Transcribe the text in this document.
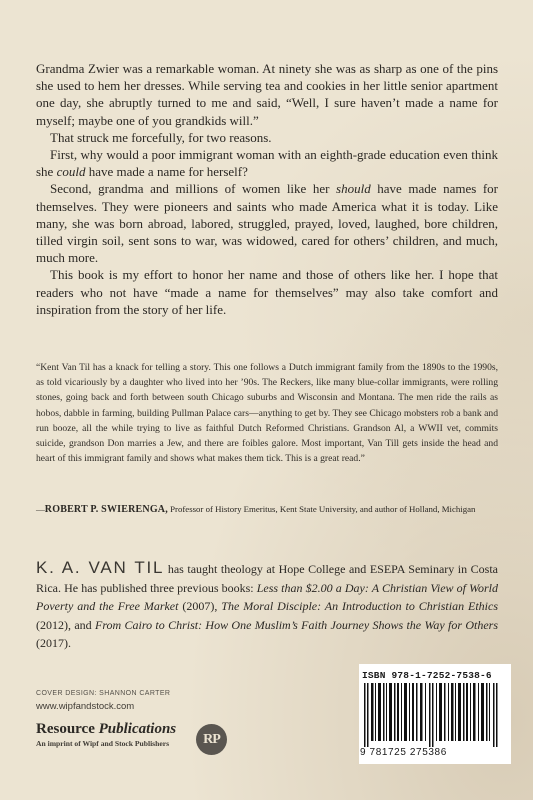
Grandma Zwier was a remarkable woman. At ninety she was as sharp as one of the pins she used to hem her dresses. While serving tea and cookies in her little senior apartment one day, she abruptly turned to me and said, “Well, I sure haven’t made a name for myself; maybe one of you grandkids will.”

That struck me forcefully, for two reasons.

First, why would a poor immigrant woman with an eighth-grade education even think she could have made a name for herself?

Second, grandma and millions of women like her should have made names for themselves. They were pioneers and saints who made America what it is today. Like many, she was born abroad, labored, struggled, prayed, loved, laughed, bore children, tilled virgin soil, sent sons to war, was widowed, cared for others’ children, and much, much more.

This book is my effort to honor her name and those of others like her. I hope that readers who not have “made a name for themselves” may also take comfort and inspiration from the story of her life.

“Kent Van Til has a knack for telling a story. This one follows a Dutch immigrant family from the 1890s to the 1990s, as told vicariously by a daughter who lived into her ’90s. The Reckers, like many blue-collar immigrants, were rolling stones, going back and forth between south Chicago suburbs and Wisconsin and Montana. The men ride the rails as hobos, dabble in farming, building Pullman Palace cars—anything to get by. They see Chicago mobsters rob a bank and run booze, all the while trying to live as faithful Dutch Reformed Christians. Grandson Al, a WWII vet, commits suicide, grandson Don marries a Jew, and there are foibles galore. Most important, Van Till gets inside the head and heart of this immigrant family and shows what makes them tick. This is a great read.”
—ROBERT P. SWIERENGA, Professor of History Emeritus, Kent State University, and author of Holland, Michigan
K. A. VAN TIL has taught theology at Hope College and ESEPA Seminary in Costa Rica. He has published three previous books: Less than $2.00 a Day: A Christian View of World Poverty and the Free Market (2007), The Moral Disciple: An Introduction to Christian Ethics (2012), and From Cairo to Christ: How One Muslim’s Faith Journey Shows the Way for Others (2017).
COVER DESIGN: SHANNON CARTER
www.wipfandstock.com
Resource Publications
An imprint of Wipf and Stock Publishers	RP
ISBN 978-1-7252-7538-6
9 781725 275386
